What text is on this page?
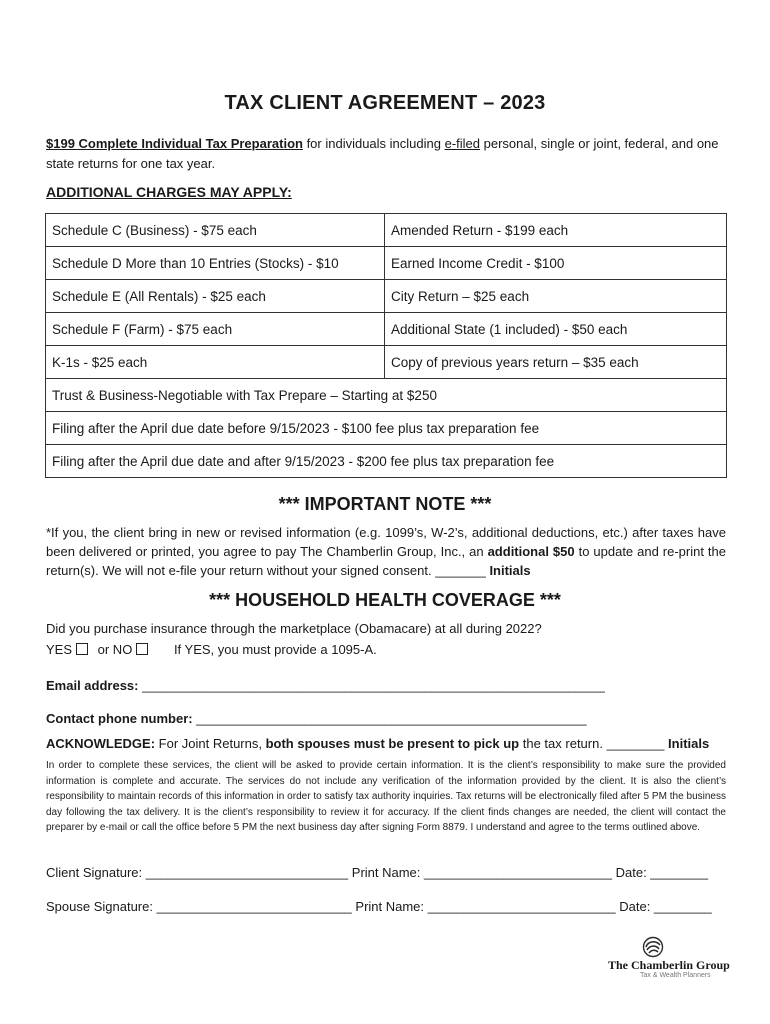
TAX CLIENT AGREEMENT – 2023
$199 Complete Individual Tax Preparation for individuals including e-filed personal, single or joint, federal, and one state returns for one tax year.
ADDITIONAL CHARGES MAY APPLY:
Schedule C (Business) - $75 each	Amended Return - $199 each
Schedule D More than 10 Entries (Stocks) - $10	Earned Income Credit - $100
Schedule E (All Rentals) - $25 each	City Return – $25 each
Schedule F (Farm) - $75 each	Additional State (1 included) - $50 each
K-1s - $25 each	Copy of previous years return – $35 each
Trust & Business-Negotiable with Tax Prepare – Starting at $250	
Filing after the April due date before 9/15/2023 - $100 fee plus tax preparation fee	
Filing after the April due date and after 9/15/2023 - $200 fee plus tax preparation fee	
*** IMPORTANT NOTE ***
*If you, the client bring in new or revised information (e.g. 1099’s, W-2’s, additional deductions, etc.) after taxes have been delivered or printed, you agree to pay The Chamberlin Group, Inc., an additional $50 to update and re-print the return(s). We will not e-file your return without your signed consent. _______ Initials
*** HOUSEHOLD HEALTH COVERAGE ***
Did you purchase insurance through the marketplace (Obamacare) at all during 2022?
YES or NO	If YES, you must provide a 1095-A.
Email address: ________________________________________________________________
Contact phone number: ______________________________________________________
ACKNOWLEDGE: For Joint Returns, both spouses must be present to pick up the tax return. ________ Initials
In order to complete these services, the client will be asked to provide certain information. It is the client’s responsibility to make sure the provided information is complete and accurate. The services do not include any verification of the information provided by the client. It is also the client’s responsibility to maintain records of this information in order to satisfy tax authority inquiries. Tax returns will be electronically filed after 5 PM the business day following the tax delivery. It is the client’s responsibility to review it for accuracy. If the client finds changes are needed, the client will contact the preparer by e-mail or call the office before 5 PM the next business day after signing Form 8879. I understand and agree to the terms outlined above.
Client Signature: ____________________________ Print Name: __________________________ Date: ________
Spouse Signature: ___________________________ Print Name: __________________________ Date: ________
The Chamberlin Group
Tax & Wealth Planners
